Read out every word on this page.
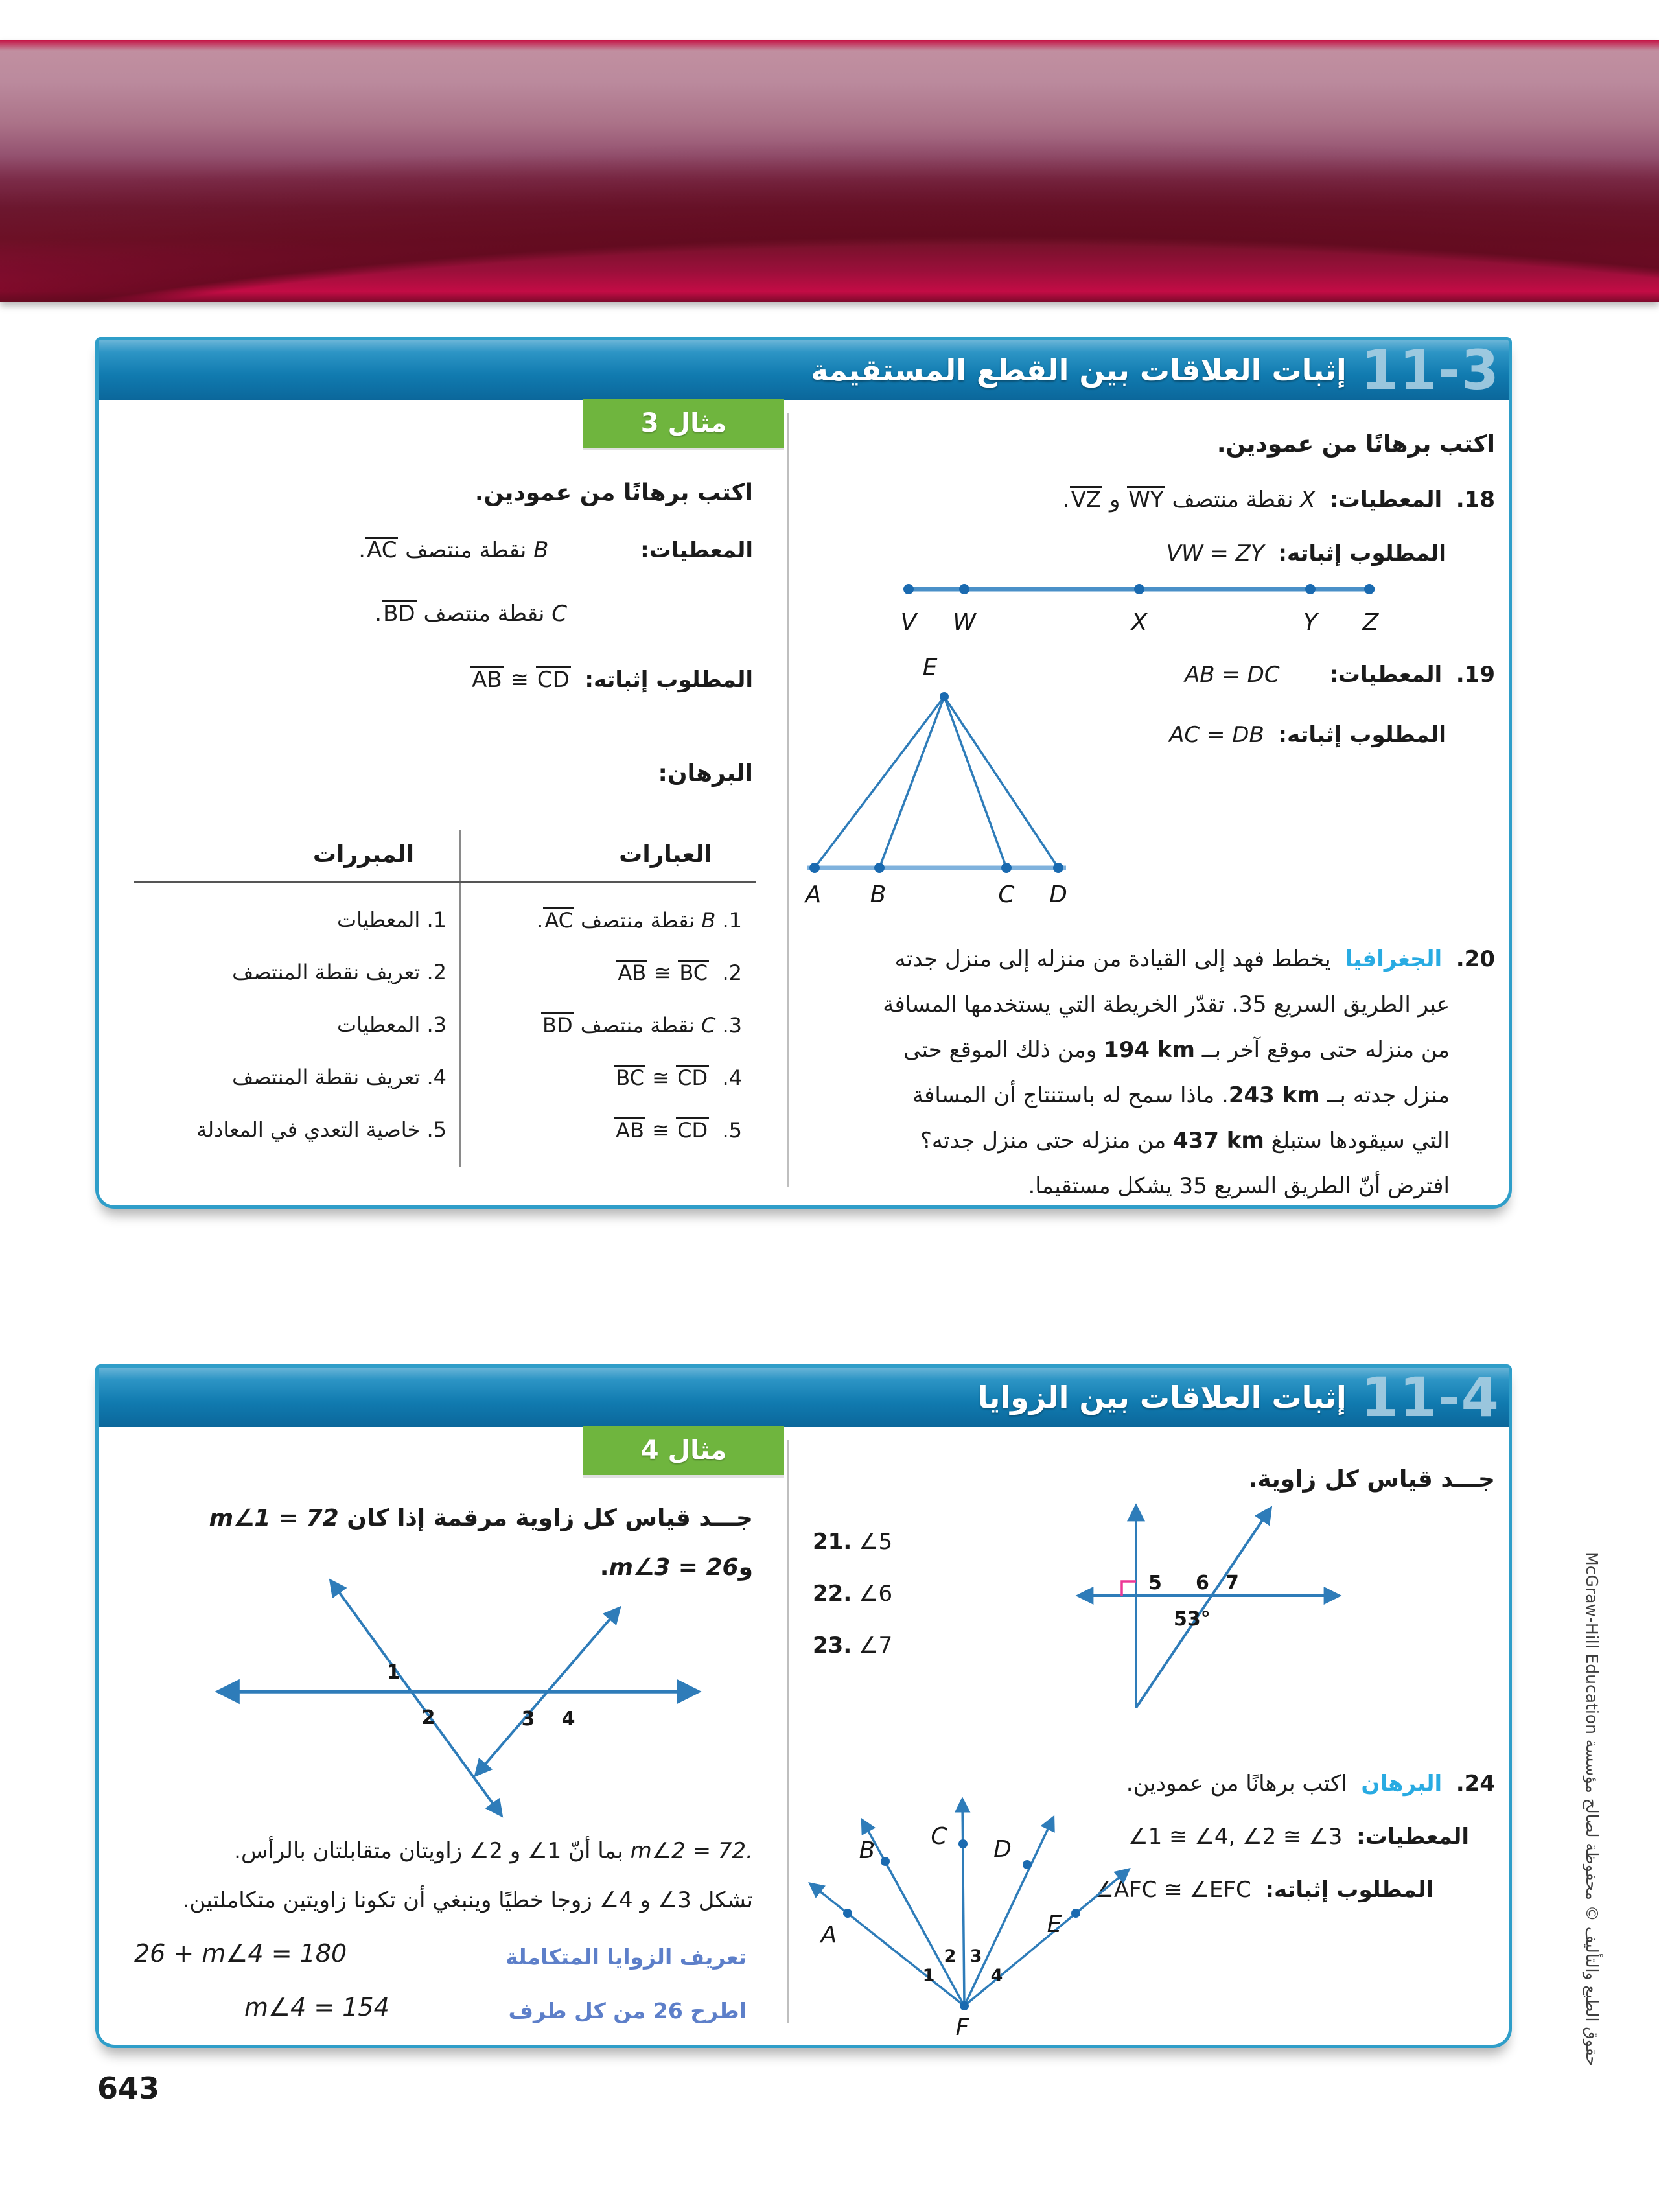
11-3
إثبات العلاقات بين القطع المستقيمة
اكتب برهانًا من عمودين.
18.  المعطيات:  X نقطة منتصف WY و VZ.
المطلوب إثباته:  VW = ZY
V W	X	Y Z
19.  المعطيات:  AB = DC
المطلوب إثباته:  AC = DB
E
A B	C D
20.  الجغرافيا  يخطط فهد إلى القيادة من منزله إلى منزل جدته
عبر الطريق السريع 35. تقدّر الخريطة التي يستخدمها المسافة
من منزله حتى موقع آخر بــ 194 km ومن ذلك الموقع حتى
منزل جدته بــ 243 km. ماذا سمح له باستنتاج أن المسافة
التي سيقودها ستبلغ 437 km من منزله حتى منزل جدته؟
افترض أنّ الطريق السريع 35 يشكل مستقيما.
مثال 3
اكتب برهانًا من عمودين.
المعطيات:  B نقطة منتصف AC.
C نقطة منتصف BD.
المطلوب إثباته:  AB ≅ CD
البرهان:
المبررات	العبارات
1. B نقطة منتصف AC.
1. المعطيات
2.  AB ≅ BC
2. تعريف نقطة المنتصف
3. C نقطة منتصف BD
3. المعطيات
4.  BC ≅ CD
4. تعريف نقطة المنتصف
5.  AB ≅ CD
5. خاصية التعدي في المعادلة
11-4
إثبات العلاقات بين الزوايا
جـــد قياس كل زاوية.
21. ∠5
22. ∠6
23. ∠7
5 6 7
53°
24.  البرهان  اكتب برهانًا من عمودين.
المعطيات:  ∠1 ≅ ∠4, ∠2 ≅ ∠3
المطلوب إثباته:  ∠AFC ≅ ∠EFC
A
B
C D
E
F
1
2 3
4
مثال 4
جـــد قياس كل زاوية مرقمة إذا كان m∠1 = 72
وm∠3 = 26.
1
2	3 4
m∠2 = 72. بما أنّ ∠1 و ∠2 زاويتان متقابلتان بالرأس.
تشكل ∠3 و ∠4 زوجا خطيًا وينبغي أن تكونا زاويتين متكاملتين.
26 + m∠4 = 180	تعريف الزوايا المتكاملة
m∠4 = 154	اطرح 26 من كل طرف
643
حقوق الطبع والتأليف © محفوظة لصالح مؤسسة McGraw-Hill Education
